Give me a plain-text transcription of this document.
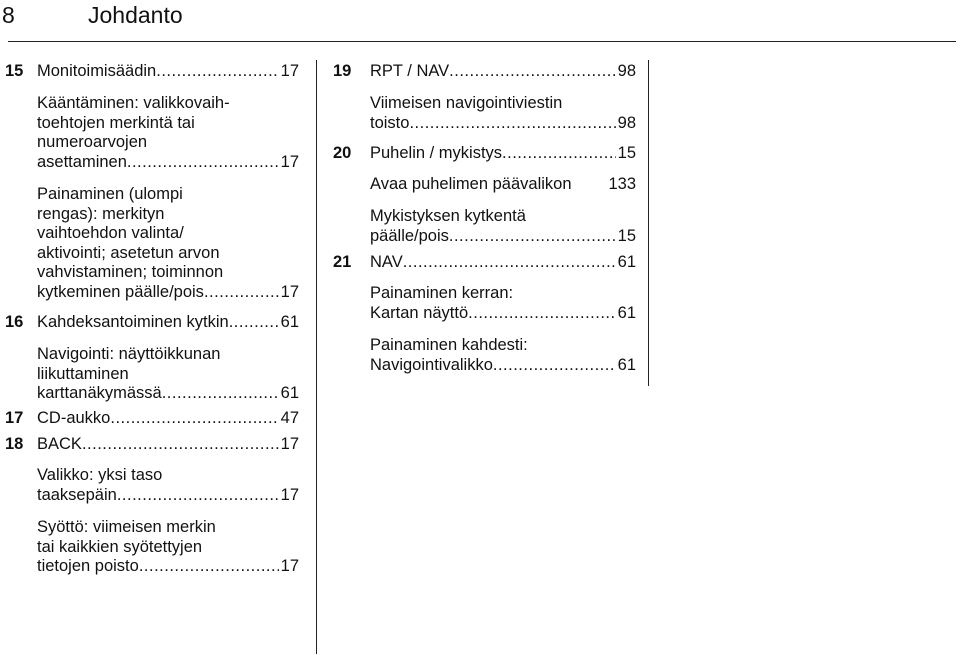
8	Johdanto
15 Monitoimisäädin .....	17
Kääntäminen: valikkovaih-
toehtojen merkintä tai
numeroarvojen
asettaminen .....	17
Painaminen (ulompi
rengas): merkityn
vaihtoehdon valinta/
aktivointi; asetetun arvon
vahvistaminen; toiminnon
kytkeminen päälle/pois .....	17
16 Kahdeksantoiminen kytkin .....	61
Navigointi: näyttöikkunan
liikuttaminen
karttanäkymässä .....	61
17 CD-aukko .....	47
18 BACK .....	17
Valikko: yksi taso
taaksepäin .....	17
Syöttö: viimeisen merkin
tai kaikkien syötettyjen
tietojen poisto .....	17
19	RPT / NAV .....	98
Viimeisen navigointiviestin
toisto .....	98
20	Puhelin / mykistys .....	15
Avaa puhelimen päävalikon 133
Mykistyksen kytkentä
päälle/pois .....	15
21	NAV .....	61
Painaminen kerran:
Kartan näyttö .....	61
Painaminen kahdesti:
Navigointivalikko .....	61
